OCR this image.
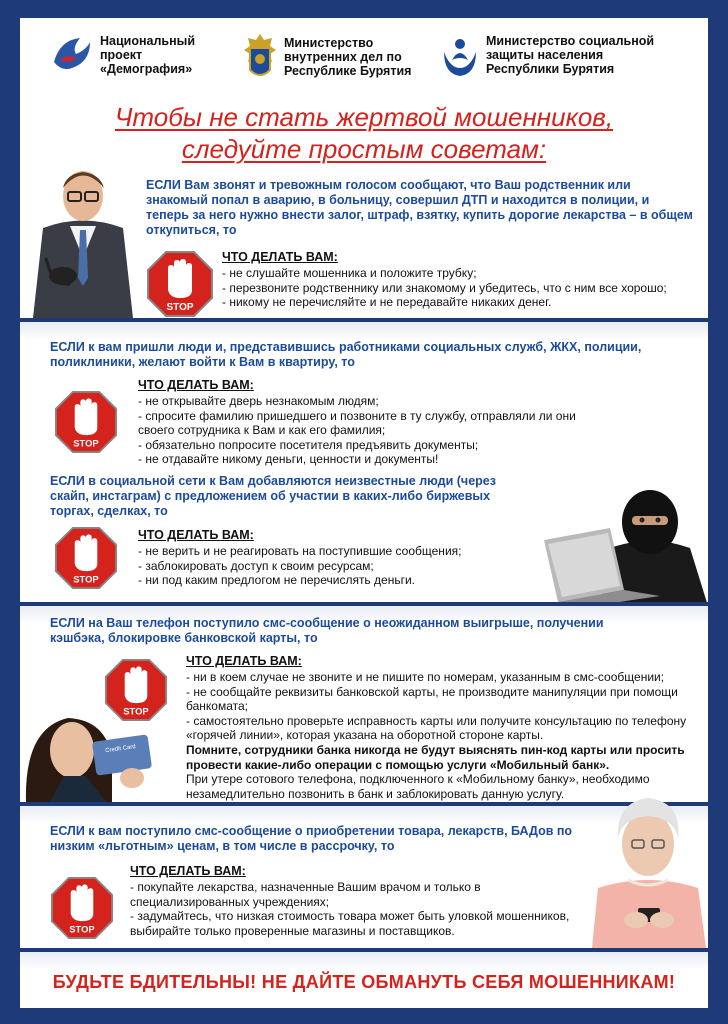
Национальный
проект
«Демография»
Министерство
внутренних дел по
Республике Бурятия
Министерство социальной
защиты населения
Республики Бурятия
Чтобы не стать жертвой мошенников,
следуйте простым советам:
ЕСЛИ Вам звонят и тревожным голосом сообщают, что Ваш родственник или знакомый попал в аварию, в больницу, совершил ДТП и находится в полиции, и теперь за него нужно внести залог, штраф, взятку, купить дорогие лекарства – в общем откупиться, то
STOP
ЧТО ДЕЛАТЬ ВАМ:
- не слушайте мошенника и положите трубку;
- перезвоните родственнику или знакомому и убедитесь, что с ним все хорошо;
- никому не перечисляйте и не передавайте никаких денег.
ЕСЛИ к вам пришли люди и, представившись работниками социальных служб, ЖКХ, полиции, поликлиники, желают войти к Вам в квартиру, то
STOP
ЧТО ДЕЛАТЬ ВАМ:
- не открывайте дверь незнакомым людям;
- спросите фамилию пришедшего и позвоните в ту службу, отправляли ли они своего сотрудника к Вам и как его фамилия;
- обязательно попросите посетителя предъявить документы;
- не отдавайте никому деньги, ценности и документы!
ЕСЛИ в социальной сети к Вам добавляются неизвестные люди (через скайп, инстаграм) с предложением об участии в каких-либо биржевых торгах, сделках, то
STOP
ЧТО ДЕЛАТЬ ВАМ:
- не верить и не реагировать на поступившие сообщения;
- заблокировать доступ к своим ресурсам;
- ни под каким предлогом не перечислять деньги.
ЕСЛИ на Ваш телефон поступило смс-сообщение о неожиданном выигрыше, получении кэшбэка, блокировке банковской карты, то
STOP
ЧТО ДЕЛАТЬ ВАМ:
- ни в коем случае не звоните и не пишите по номерам, указанным в смс-сообщении;
- не сообщайте реквизиты банковской карты, не производите манипуляции при помощи банкомата;
- самостоятельно проверьте исправность карты или получите консультацию по телефону «горячей линии», которая указана на оборотной стороне карты.
Помните, сотрудники банка никогда не будут выяснять пин-код карты или просить провести какие-либо операции с помощью услуги «Мобильный банк».
При утере сотового телефона, подключенного к «Мобильному банку», необходимо незамедлительно позвонить в банк и заблокировать данную услугу.
Credit Card
ЕСЛИ к вам поступило смс-сообщение о приобретении товара, лекарств, БАДов по низким «льготным» ценам, в том числе в рассрочку, то
STOP
ЧТО ДЕЛАТЬ ВАМ:
- покупайте лекарства, назначенные Вашим врачом и только в специализированных учреждениях;
- задумайтесь, что низкая стоимость товара может быть уловкой мошенников, выбирайте только проверенные магазины и поставщиков.
БУДЬТЕ БДИТЕЛЬНЫ! НЕ ДАЙТЕ ОБМАНУТЬ СЕБЯ МОШЕННИКАМ!
